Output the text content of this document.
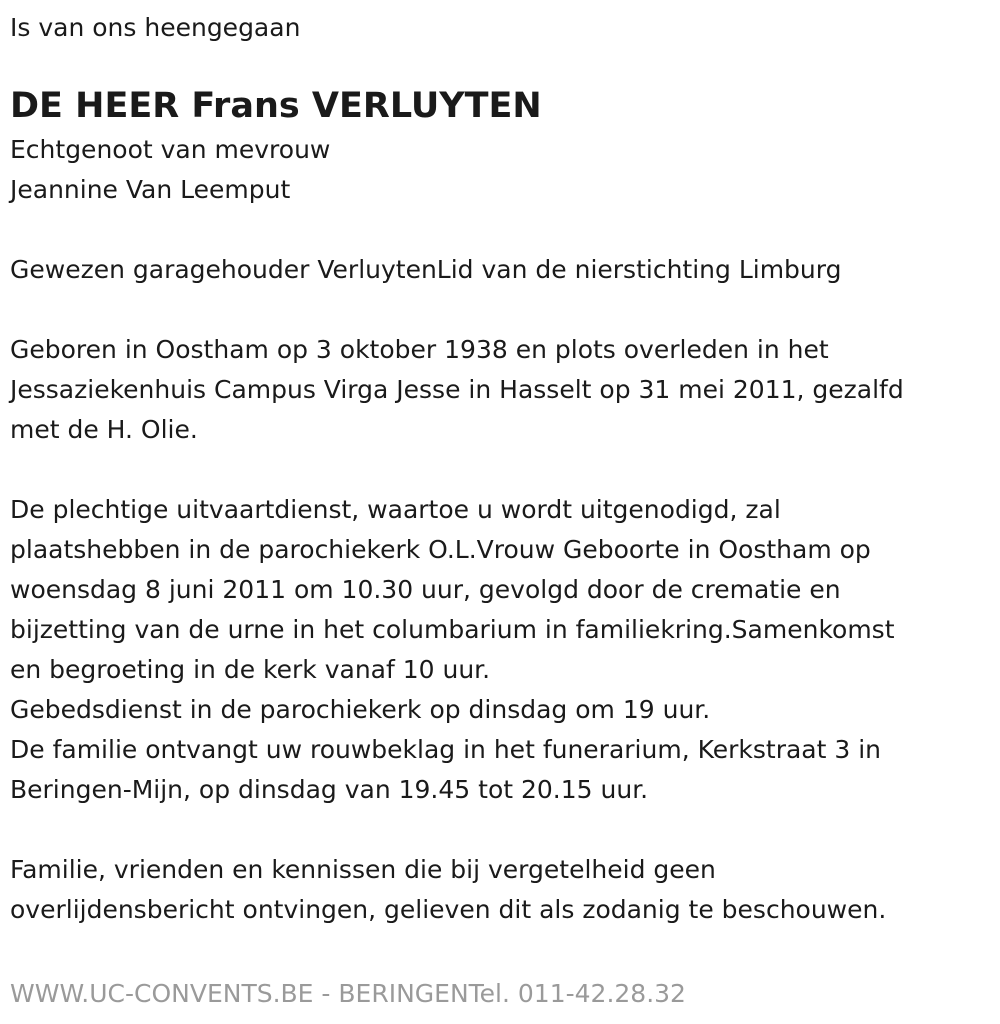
Is van ons heengegaan

DE HEER Frans VERLUYTEN

Echtgenoot van mevrouw

Jeannine Van Leemput

Gewezen garagehouder VerluytenLid van de nierstichting Limburg

Geboren in Oostham op 3 oktober 1938 en plots overleden in het

Jessaziekenhuis Campus Virga Jesse in Hasselt op 31 mei 2011, gezalfd

met de H. Olie.

De plechtige uitvaartdienst, waartoe u wordt uitgenodigd, zal

plaatshebben in de parochiekerk O.L.Vrouw Geboorte in Oostham op

woensdag 8 juni 2011 om 10.30 uur, gevolgd door de crematie en

bijzetting van de urne in het columbarium in familiekring.Samenkomst

en begroeting in de kerk vanaf 10 uur.

Gebedsdienst in de parochiekerk op dinsdag om 19 uur.

De familie ontvangt uw rouwbeklag in het funerarium, Kerkstraat 3 in

Beringen-Mijn, op dinsdag van 19.45 tot 20.15 uur.

Familie, vrienden en kennissen die bij vergetelheid geen

overlijdensbericht ontvingen, gelieven dit als zodanig te beschouwen.

WWW.UC-CONVENTS.BE - BERINGENTel. 011-42.28.32
